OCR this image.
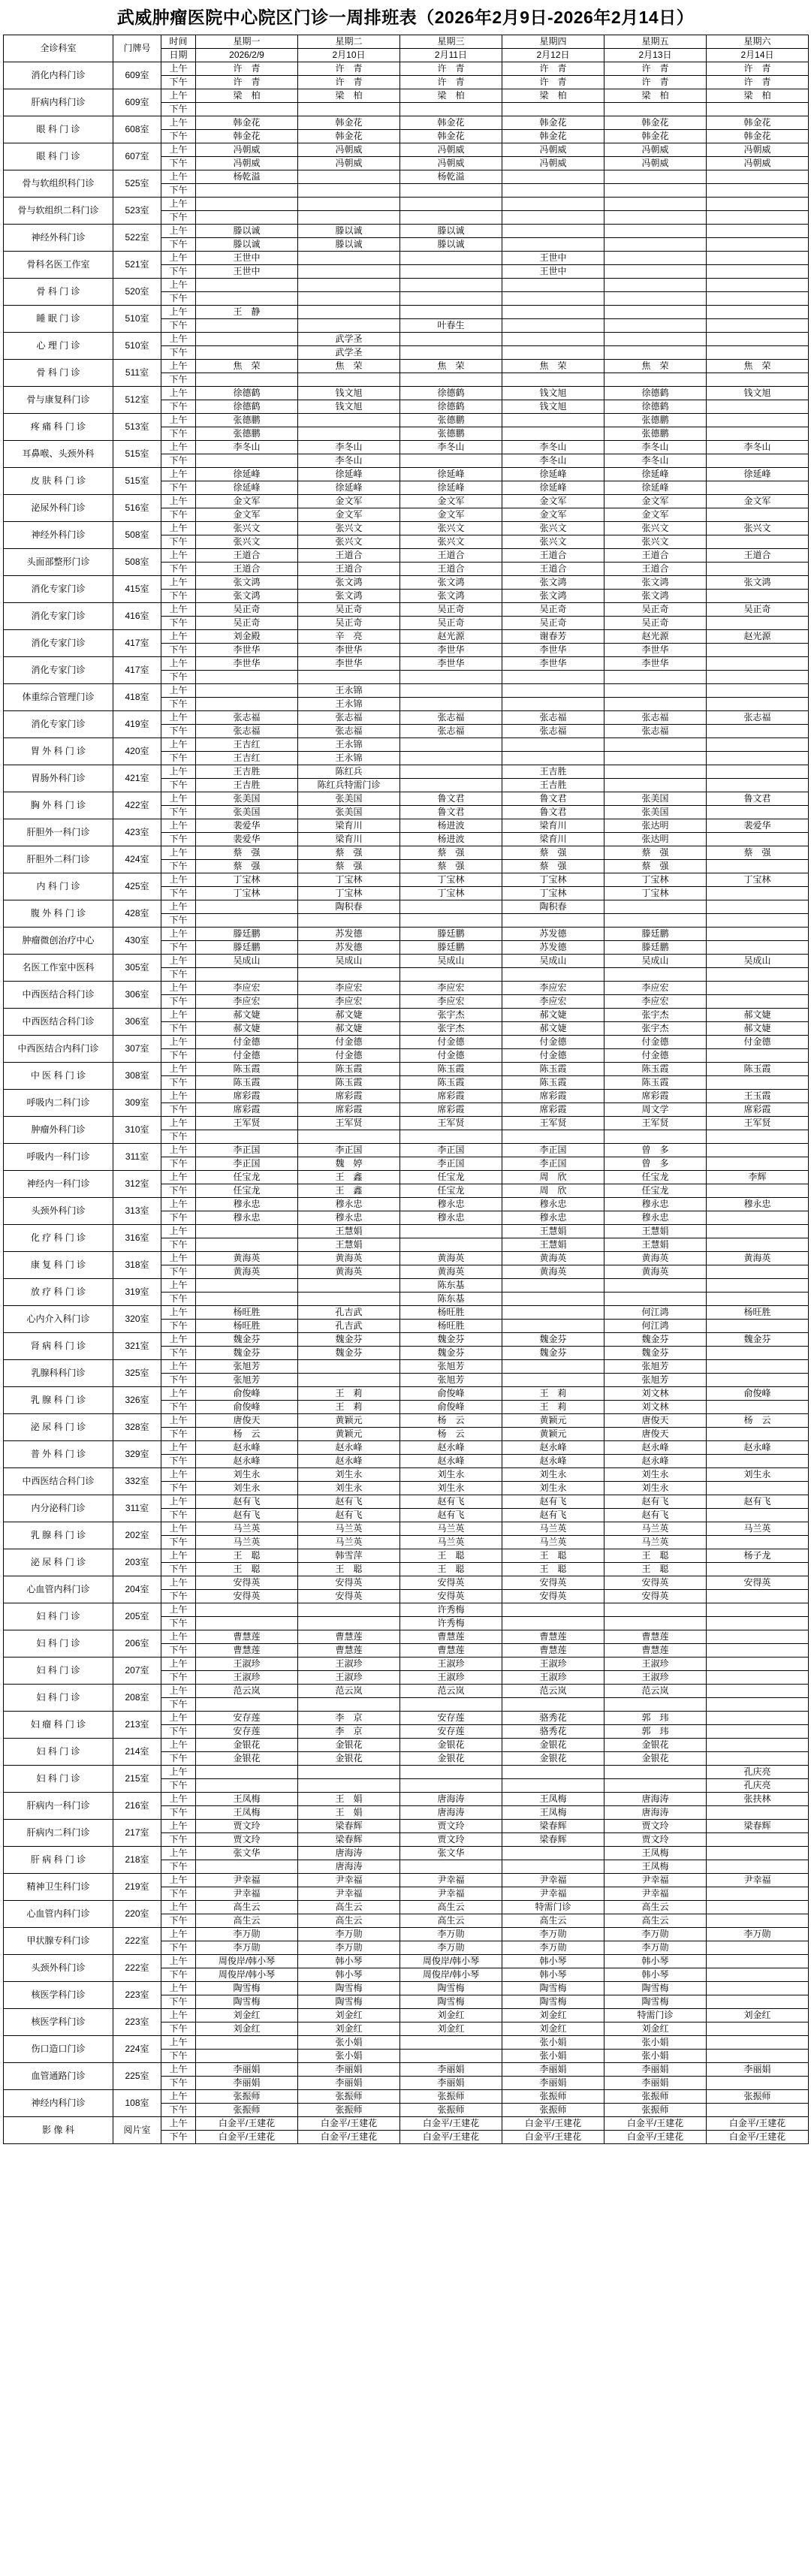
武威肿瘤医院中心院区门诊一周排班表（2026年2月9日-2026年2月14日）
全诊科室	门牌号	时间	星期一	星期二	星期三	星期四	星期五	星期六
		日期	2026/2/9	2月10日	2月11日	2月12日	2月13日	2月14日
消化内科门诊	609室	上午	许　青	许　青	许　青	许　青	许　青	许　青
		下午	许　青	许　青	许　青	许　青	许　青	许　青
肝病内科门诊	609室	上午	梁　柏	梁　柏	梁　柏	梁　柏	梁　柏	梁　柏
		下午						
眼 科 门 诊	608室	上午	韩金花	韩金花	韩金花	韩金花	韩金花	韩金花
		下午	韩金花	韩金花	韩金花	韩金花	韩金花	韩金花
眼 科 门 诊	607室	上午	冯朝威	冯朝威	冯朝威	冯朝威	冯朝威	冯朝威
		下午	冯朝威	冯朝威	冯朝威	冯朝威	冯朝威	冯朝威
骨与软组织科门诊	525室	上午	杨乾溢		杨乾溢			
		下午						
骨与软组织二科门诊	523室	上午						
		下午						
神经外科门诊	522室	上午	滕以诚	滕以诚	滕以诚			
		下午	滕以诚	滕以诚	滕以诚			
骨科名医工作室	521室	上午	王世中			王世中		
		下午	王世中			王世中		
骨 科 门 诊	520室	上午						
		下午						
睡 眠 门 诊	510室	上午	王　静					
		下午			叶春生			
心 理 门 诊	510室	上午		武学圣				
		下午		武学圣				
骨 科 门 诊	511室	上午	焦　荣	焦　荣	焦　荣	焦　荣	焦　荣	焦　荣
		下午						
骨与康复科门诊	512室	上午	徐德鹤	钱文旭	徐德鹤	钱文旭	徐德鹤	钱文旭
		下午	徐德鹤	钱文旭	徐德鹤	钱文旭	徐德鹤	
疼 痛 科 门 诊	513室	上午	张德鹏		张德鹏		张德鹏	
		下午	张德鹏		张德鹏		张德鹏	
耳鼻喉、头颈外科	515室	上午	李冬山	李冬山	李冬山	李冬山	李冬山	李冬山
		下午		李冬山		李冬山	李冬山	
皮 肤 科 门 诊	515室	上午	徐延峰	徐延峰	徐延峰	徐延峰	徐延峰	徐延峰
		下午	徐延峰	徐延峰	徐延峰	徐延峰	徐延峰	
泌尿外科门诊	516室	上午	金文军	金文军	金文军	金文军	金文军	金文军
		下午	金文军	金文军	金文军	金文军	金文军	
神经外科门诊	508室	上午	张兴文	张兴文	张兴文	张兴文	张兴文	张兴文
		下午	张兴文	张兴文	张兴文	张兴文	张兴文	
头面部整形门诊	508室	上午	王道合	王道合	王道合	王道合	王道合	王道合
		下午	王道合	王道合	王道合	王道合	王道合	
消化专家门诊	415室	上午	张文鸿	张文鸿	张文鸿	张文鸿	张文鸿	张文鸿
		下午	张文鸿	张文鸿	张文鸿	张文鸿	张文鸿	
消化专家门诊	416室	上午	吴正奇	吴正奇	吴正奇	吴正奇	吴正奇	吴正奇
		下午	吴正奇	吴正奇	吴正奇	吴正奇	吴正奇	
消化专家门诊	417室	上午	刘金殿	辛　亮	赵光源	谢春芳	赵光源	赵光源
		下午	李世华	李世华	李世华	李世华	李世华	
消化专家门诊	417室	上午	李世华	李世华	李世华	李世华	李世华	
		下午						
体重综合管理门诊	418室	上午		王永锦				
		下午		王永锦				
消化专家门诊	419室	上午	张志福	张志福	张志福	张志福	张志福	张志福
		下午	张志福	张志福	张志福	张志福	张志福	
胃 外 科 门 诊	420室	上午	王吉红	王永锦				
		下午	王吉红	王永锦				
胃肠外科门诊	421室	上午	王吉胜	陈红兵		王吉胜		
		下午	王吉胜	陈红兵特需门诊		王吉胜		
胸 外 科 门 诊	422室	上午	张美国	张美国	鲁文君	鲁文君	张美国	鲁文君
		下午	张美国	张美国	鲁文君	鲁文君	张美国	
肝胆外一科门诊	423室	上午	裴爱华	梁育川	杨进波	梁育川	张达明	裴爱华
		下午	裴爱华	梁育川	杨进波	梁育川	张达明	
肝胆外二科门诊	424室	上午	蔡　强	蔡　强	蔡　强	蔡　强	蔡　强	蔡　强
		下午	蔡　强	蔡　强	蔡　强	蔡　强	蔡　强	
内 科 门 诊	425室	上午	丁宝林	丁宝林	丁宝林	丁宝林	丁宝林	丁宝林
		下午	丁宝林	丁宝林	丁宝林	丁宝林	丁宝林	
腹 外 科 门 诊	428室	上午		陶积春		陶积春		
		下午						
肿瘤微创治疗中心	430室	上午	滕廷鹏	苏发德	滕廷鹏	苏发德	滕廷鹏	
		下午	滕廷鹏	苏发德	滕廷鹏	苏发德	滕廷鹏	
名医工作室中医科	305室	上午	吴成山	吴成山	吴成山	吴成山	吴成山	吴成山
		下午						
中西医结合科门诊	306室	上午	李应宏	李应宏	李应宏	李应宏	李应宏	
		下午	李应宏	李应宏	李应宏	李应宏	李应宏	
中西医结合科门诊	306室	上午	郝文婕	郝文婕	张宇杰	郝文婕	张宇杰	郝文婕
		下午	郝文婕	郝文婕	张宇杰	郝文婕	张宇杰	郝文婕
中西医结合内科门诊	307室	上午	付金德	付金德	付金德	付金德	付金德	付金德
		下午	付金德	付金德	付金德	付金德	付金德	
中 医 科 门 诊	308室	上午	陈玉霞	陈玉霞	陈玉霞	陈玉霞	陈玉霞	陈玉霞
		下午	陈玉霞	陈玉霞	陈玉霞	陈玉霞	陈玉霞	
呼吸内二科门诊	309室	上午	席彩霞	席彩霞	席彩霞	席彩霞	席彩霞	王玉霞
		下午	席彩霞	席彩霞	席彩霞	席彩霞	周文学	席彩霞
肿瘤外科门诊	310室	上午	王军贤	王军贤	王军贤	王军贤	王军贤	王军贤
		下午						
呼吸内一科门诊	311室	上午	李正国	李正国	李正国	李正国	曾　多	
		下午	李正国	魏　婷	李正国	李正国	曾　多	
神经内一科门诊	312室	上午	任宝龙	王　鑫	任宝龙	周　欣	任宝龙	李辉
		下午	任宝龙	王　鑫	任宝龙	周　欣	任宝龙	
头颈外科门诊	313室	上午	穆永忠	穆永忠	穆永忠	穆永忠	穆永忠	穆永忠
		下午	穆永忠	穆永忠	穆永忠	穆永忠	穆永忠	
化 疗 科 门 诊	316室	上午		王慧娟		王慧娟	王慧娟	
		下午		王慧娟		王慧娟	王慧娟	
康 复 科 门 诊	318室	上午	黄海英	黄海英	黄海英	黄海英	黄海英	黄海英
		下午	黄海英	黄海英	黄海英	黄海英	黄海英	
放 疗 科 门 诊	319室	上午			陈东基			
		下午			陈东基			
心内介入科门诊	320室	上午	杨旺胜	孔吉武	杨旺胜		何江鸿	杨旺胜
		下午	杨旺胜	孔吉武	杨旺胜		何江鸿	
肾 病 科 门 诊	321室	上午	魏金芬	魏金芬	魏金芬	魏金芬	魏金芬	魏金芬
		下午	魏金芬	魏金芬	魏金芬	魏金芬	魏金芬	
乳腺科科门诊	325室	上午	张旭芳		张旭芳		张旭芳	
		下午	张旭芳		张旭芳		张旭芳	
乳 腺 科 门 诊	326室	上午	俞俊峰	王　莉	俞俊峰	王　莉	刘文林	俞俊峰
		下午	俞俊峰	王　莉	俞俊峰	王　莉	刘文林	
泌 尿 科 门 诊	328室	上午	唐俊天	黄颖元	杨　云	黄颖元	唐俊天	杨　云
		下午	杨　云	黄颖元	杨　云	黄颖元	唐俊天	
普 外 科 门 诊	329室	上午	赵永峰	赵永峰	赵永峰	赵永峰	赵永峰	赵永峰
		下午	赵永峰	赵永峰	赵永峰	赵永峰	赵永峰	
中西医结合科门诊	332室	上午	刘生永	刘生永	刘生永	刘生永	刘生永	刘生永
		下午	刘生永	刘生永	刘生永	刘生永	刘生永	
内分泌科门诊	311室	上午	赵有飞	赵有飞	赵有飞	赵有飞	赵有飞	赵有飞
		下午	赵有飞	赵有飞	赵有飞	赵有飞	赵有飞	
乳 腺 科 门 诊	202室	上午	马兰英	马兰英	马兰英	马兰英	马兰英	马兰英
		下午	马兰英	马兰英	马兰英	马兰英	马兰英	
泌 尿 科 门 诊	203室	上午	王　聪	韩雪萍	王　聪	王　聪	王　聪	杨子龙
		下午	王　聪	王　聪	王　聪	王　聪	王　聪	
心血管内科门诊	204室	上午	安得英	安得英	安得英	安得英	安得英	安得英
		下午	安得英	安得英	安得英	安得英	安得英	
妇 科 门 诊	205室	上午			许秀梅			
		下午			许秀梅			
妇 科 门 诊	206室	上午	曹慧莲	曹慧莲	曹慧莲	曹慧莲	曹慧莲	
		下午	曹慧莲	曹慧莲	曹慧莲	曹慧莲	曹慧莲	
妇 科 门 诊	207室	上午	王淑珍	王淑珍	王淑珍	王淑珍	王淑珍	
		下午	王淑珍	王淑珍	王淑珍	王淑珍	王淑珍	
妇 科 门 诊	208室	上午	范云岚	范云岚	范云岚	范云岚	范云岚	
		下午						
妇 瘤 科 门 诊	213室	上午	安存莲	李　京	安存莲	骆秀花	郭　玮	
		下午	安存莲	李　京	安存莲	骆秀花	郭　玮	
妇 科 门 诊	214室	上午	金银花	金银花	金银花	金银花	金银花	
		下午	金银花	金银花	金银花	金银花	金银花	
妇 科 门 诊	215室	上午						孔庆亮
		下午						孔庆亮
肝病内一科门诊	216室	上午	王凤梅	王　娟	唐海涛	王凤梅	唐海涛	张扶林
		下午	王凤梅	王　娟	唐海涛	王凤梅	唐海涛	
肝病内二科门诊	217室	上午	贾文玲	梁春辉	贾文玲	梁春辉	贾文玲	梁春辉
		下午	贾文玲	梁春辉	贾文玲	梁春辉	贾文玲	
肝 病 科 门 诊	218室	上午	张文华	唐海涛	张文华		王凤梅	
		下午		唐海涛			王凤梅	
精神卫生科门诊	219室	上午	尹幸福	尹幸福	尹幸福	尹幸福	尹幸福	尹幸福
		下午	尹幸福	尹幸福	尹幸福	尹幸福	尹幸福	
心血管内科门诊	220室	上午	高生云	高生云	高生云	特需门诊	高生云	
		下午	高生云	高生云	高生云	高生云	高生云	
甲状腺专科门诊	222室	上午	李万勋	李万勋	李万勋	李万勋	李万勋	李万勋
		下午	李万勋	李万勋	李万勋	李万勋	李万勋	
头颈外科门诊	222室	上午	周俊岸/韩小琴	韩小琴	周俊岸/韩小琴	韩小琴	韩小琴	
		下午	周俊岸/韩小琴	韩小琴	周俊岸/韩小琴	韩小琴	韩小琴	
核医学科门诊	223室	上午	陶雪梅	陶雪梅	陶雪梅	陶雪梅	陶雪梅	
		下午	陶雪梅	陶雪梅	陶雪梅	陶雪梅	陶雪梅	
核医学科门诊	223室	上午	刘金红	刘金红	刘金红	刘金红	特需门诊	刘金红
		下午	刘金红	刘金红	刘金红	刘金红	刘金红	
伤口造口门诊	224室	上午		张小娟		张小娟	张小娟	
		下午		张小娟		张小娟	张小娟	
血管通路门诊	225室	上午	李丽娟	李丽娟	李丽娟	李丽娟	李丽娟	李丽娟
		下午	李丽娟	李丽娟	李丽娟	李丽娟	李丽娟	
神经内科门诊	108室	上午	张振师	张振师	张振师	张振师	张振师	张振师
		下午	张振师	张振师	张振师	张振师	张振师	
影 像 科	阅片室	上午	白金平/王建花	白金平/王建花	白金平/王建花	白金平/王建花	白金平/王建花	白金平/王建花
		下午	白金平/王建花	白金平/王建花	白金平/王建花	白金平/王建花	白金平/王建花	白金平/王建花
